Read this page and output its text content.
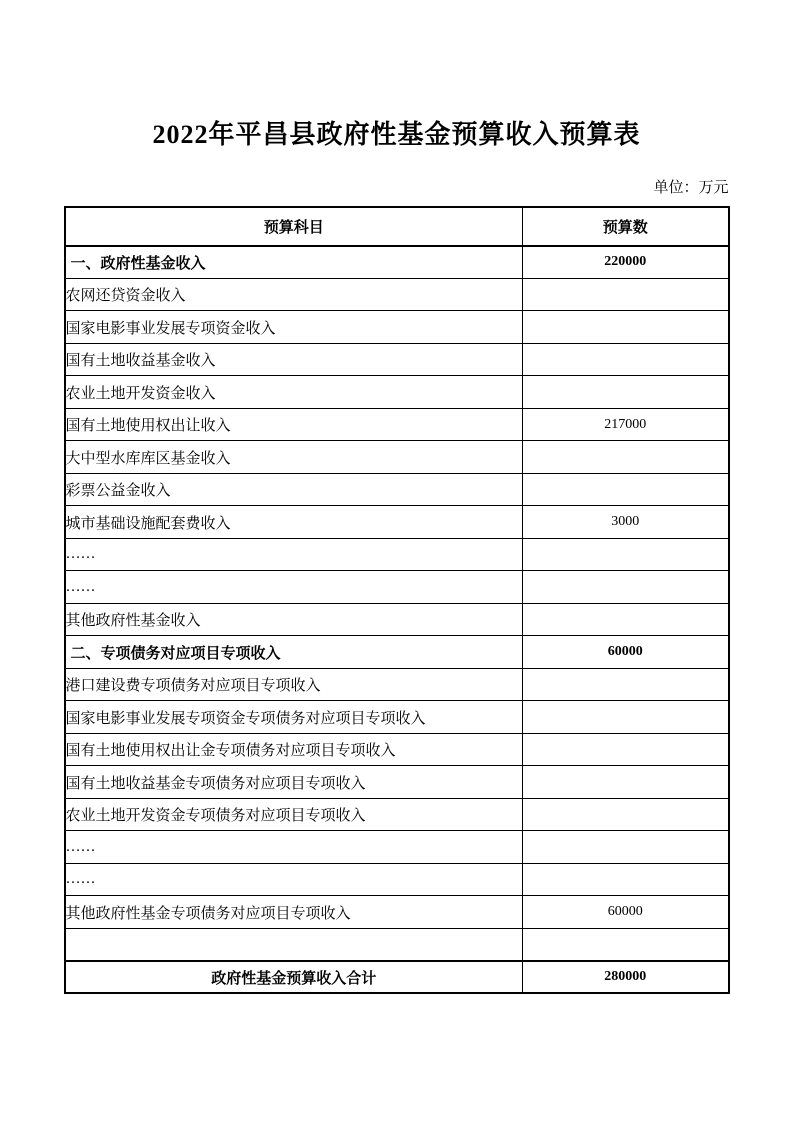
2022年平昌县政府性基金预算收入预算表
单位：万元
预算科目	预算数
一、政府性基金收入	220000
农网还贷资金收入	
国家电影事业发展专项资金收入	
国有土地收益基金收入	
农业土地开发资金收入	
国有土地使用权出让收入	217000
大中型水库库区基金收入	
彩票公益金收入	
城市基础设施配套费收入	3000
……	
……	
其他政府性基金收入	
二、专项债务对应项目专项收入	60000
港口建设费专项债务对应项目专项收入	
国家电影事业发展专项资金专项债务对应项目专项收入	
国有土地使用权出让金专项债务对应项目专项收入	
国有土地收益基金专项债务对应项目专项收入	
农业土地开发资金专项债务对应项目专项收入	
……	
……	
其他政府性基金专项债务对应项目专项收入	60000

政府性基金预算收入合计	280000
